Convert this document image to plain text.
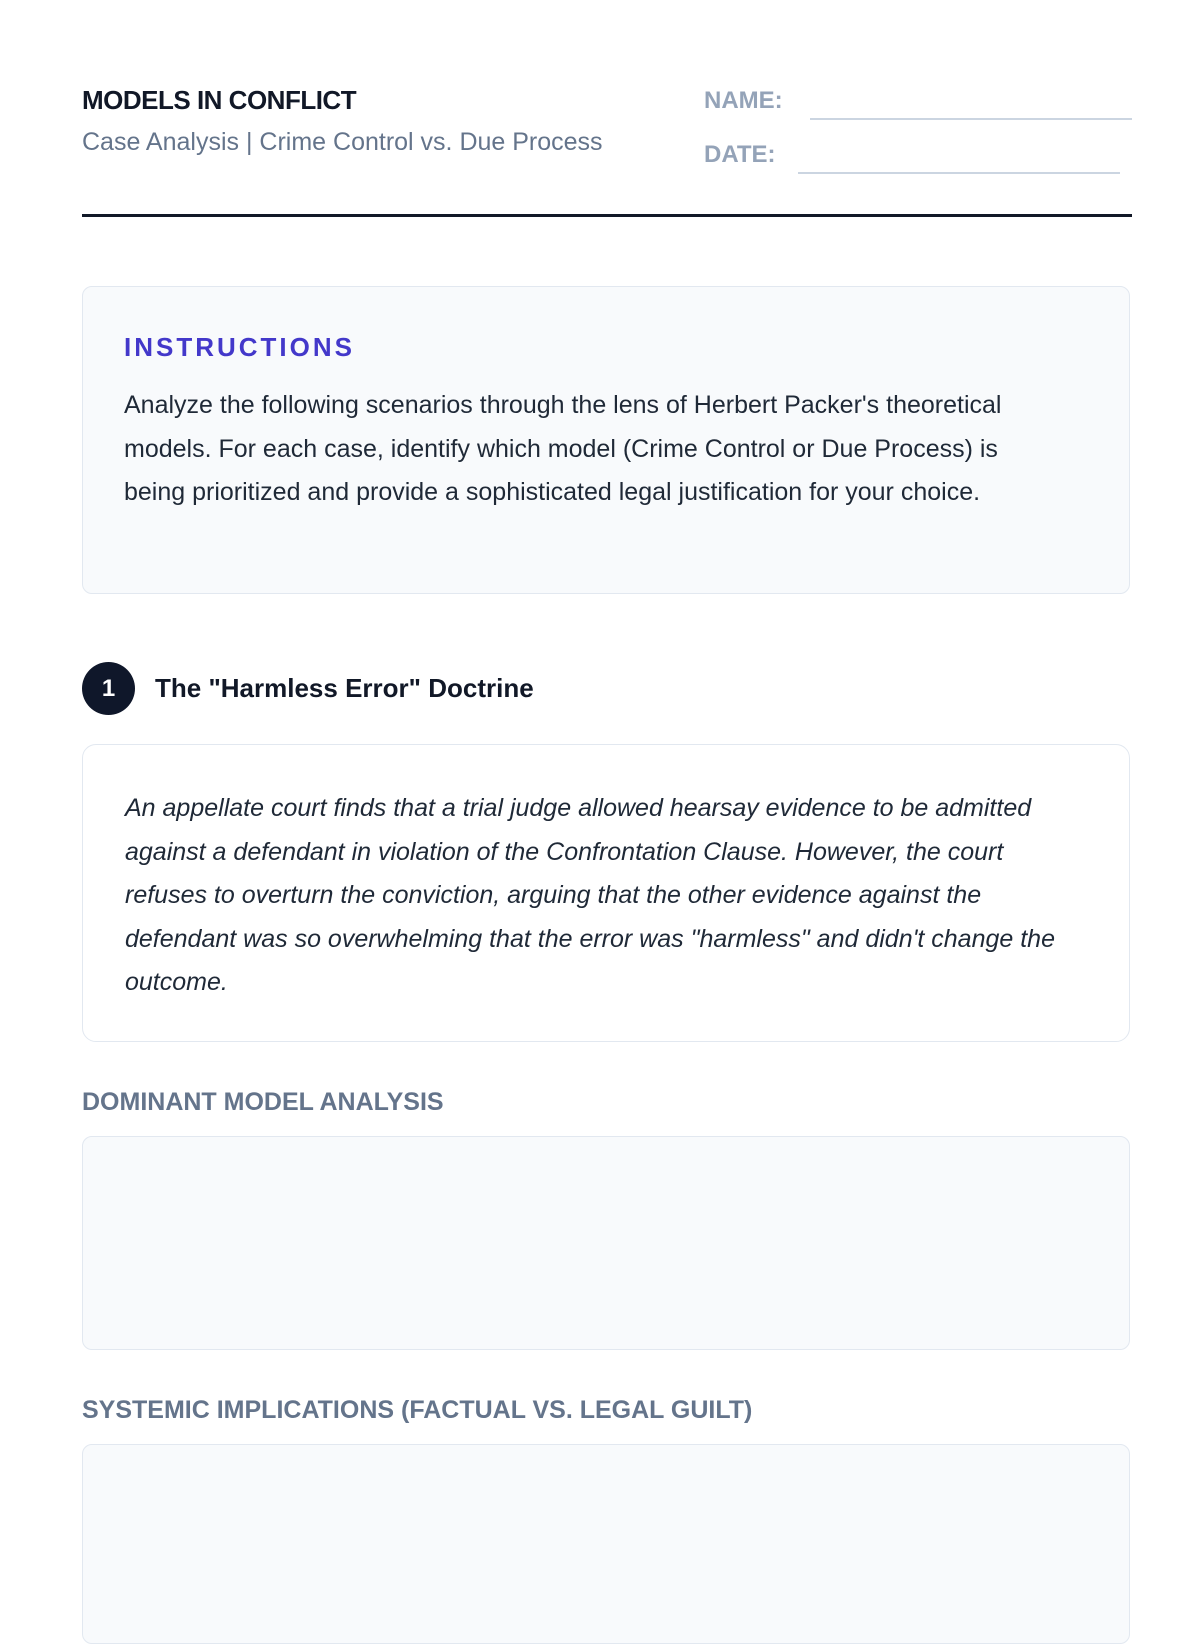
MODELS IN CONFLICT
Case Analysis | Crime Control vs. Due Process
NAME:
DATE:
INSTRUCTIONS
Analyze the following scenarios through the lens of Herbert Packer's theoretical models. For each case, identify which model (Crime Control or Due Process) is being prioritized and provide a sophisticated legal justification for your choice.
1	The "Harmless Error" Doctrine
An appellate court finds that a trial judge allowed hearsay evidence to be admitted against a defendant in violation of the Confrontation Clause. However, the court refuses to overturn the conviction, arguing that the other evidence against the defendant was so overwhelming that the error was "harmless" and didn't change the outcome.
DOMINANT MODEL ANALYSIS
SYSTEMIC IMPLICATIONS (FACTUAL VS. LEGAL GUILT)
